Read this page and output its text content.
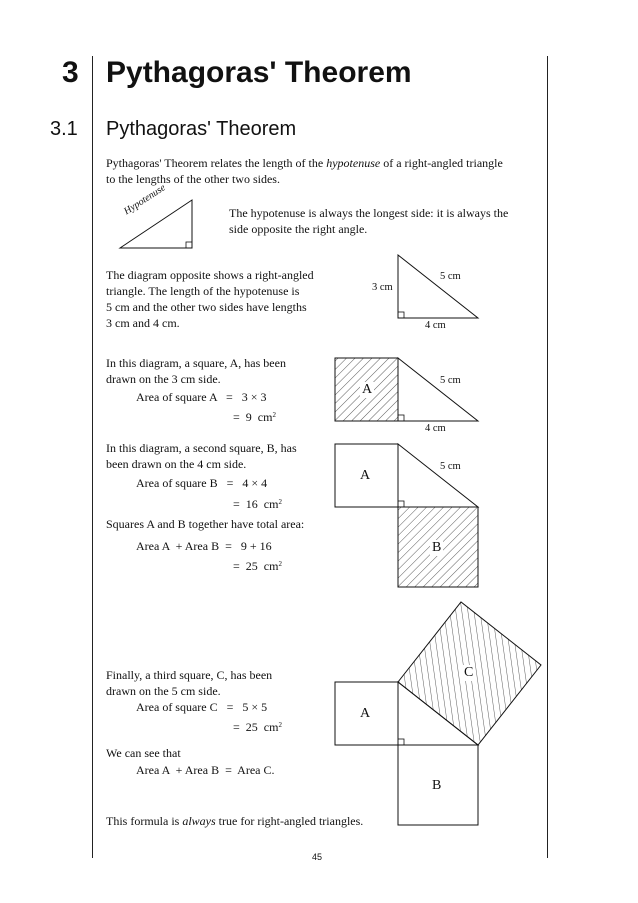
3 Pythagoras' Theorem
3.1 Pythagoras' Theorem
Pythagoras' Theorem relates the length of the hypotenuse of a right-angled triangle
to the lengths of the other two sides.
Hypotenuse	The hypotenuse is always the longest side: it is always the
side opposite the right angle.
The diagram opposite shows a right-angled
triangle. The length of the hypotenuse is
5 cm and the other two sides have lengths
3 cm and 4 cm.
3 cm
5 cm
4 cm
In this diagram, a square, A, has been
drawn on the 3 cm side.
Area of square A   =   3 × 3
=  9  $cm^2$
A
5 cm
4 cm
In this diagram, a second square, B, has
been drawn on the 4 cm side.
Area of square B   =   4 × 4
=  16  $cm^2$
Squares A and B together have total area:
Area A  + Area B  =   9 + 16
=  25  $cm^2$
A
5 cm
B
Finally, a third square, C, has been
drawn on the 5 cm side.
Area of square C   =   5 × 5
=  25  $cm^2$
We can see that
Area A  + Area B  =  Area C.
A
B
C
This formula is always true for right-angled triangles.
45
